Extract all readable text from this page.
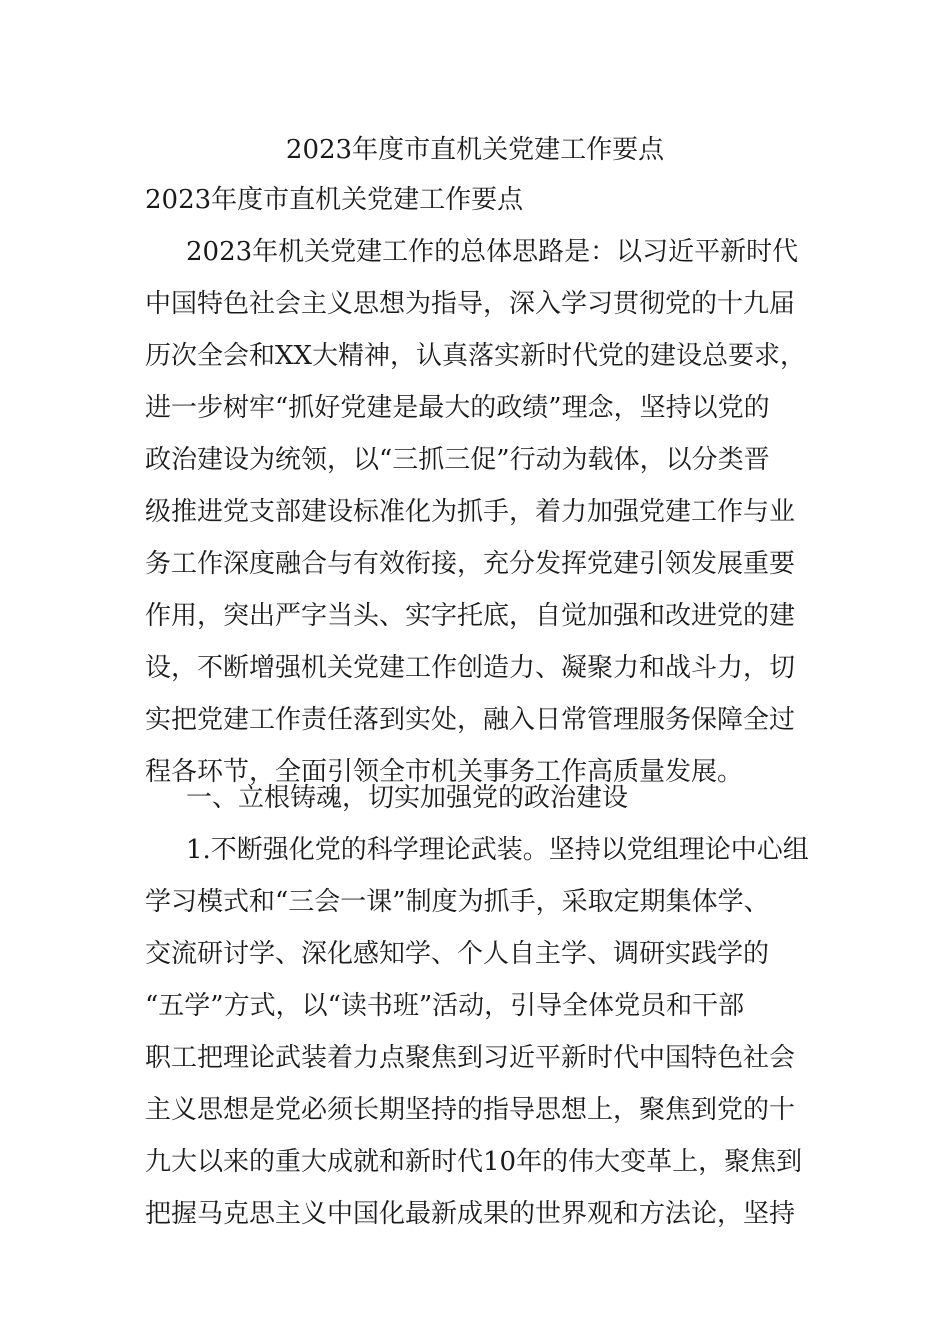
2023年度市直机关党建工作要点
2023年度市直机关党建工作要点
2023年机关党建工作的总体思路是：以习近平新时代
中国特色社会主义思想为指导，深入学习贯彻党的十九届
历次全会和XX大精神，认真落实新时代党的建设总要求，
进一步树牢“抓好党建是最大的政绩”理念，坚持以党的
政治建设为统领，以“三抓三促”行动为载体，以分类晋
级推进党支部建设标准化为抓手，着力加强党建工作与业
务工作深度融合与有效衔接，充分发挥党建引领发展重要
作用，突出严字当头、实字托底，自觉加强和改进党的建
设，不断增强机关党建工作创造力、凝聚力和战斗力，切
实把党建工作责任落到实处，融入日常管理服务保障全过
程各环节，全面引领全市机关事务工作高质量发展。
一、立根铸魂，切实加强党的政治建设
1.不断强化党的科学理论武装。坚持以党组理论中心组
学习模式和“三会一课”制度为抓手，采取定期集体学、
交流研讨学、深化感知学、个人自主学、调研实践学的
“五学”方式，以“读书班”活动，引导全体党员和干部
职工把理论武装着力点聚焦到习近平新时代中国特色社会
主义思想是党必须长期坚持的指导思想上，聚焦到党的十
九大以来的重大成就和新时代10年的伟大变革上，聚焦到
把握马克思主义中国化最新成果的世界观和方法论，坚持
